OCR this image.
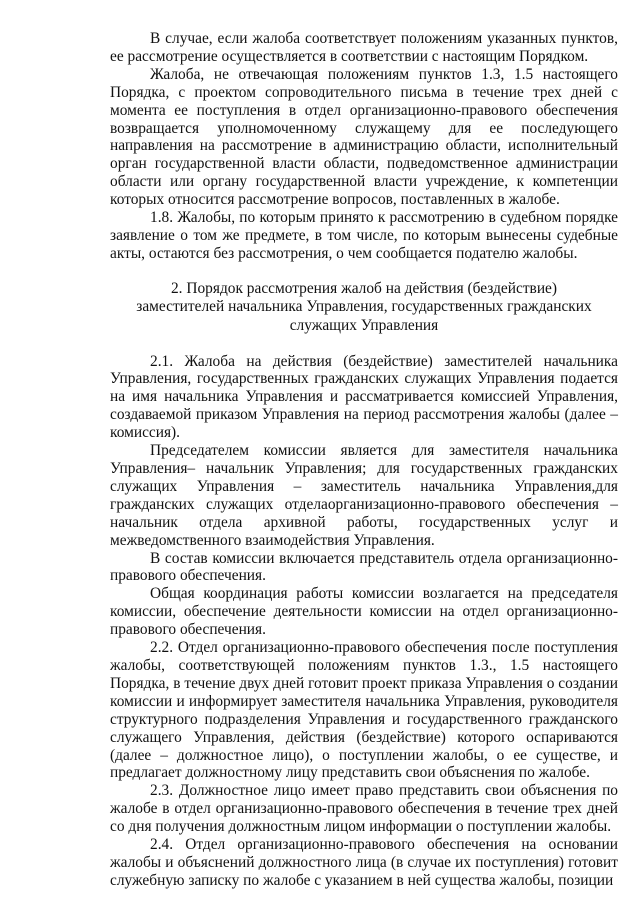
В случае, если жалоба соответствует положениям указанных пунктов, ее рассмотрение осуществляется в соответствии с настоящим Порядком.

Жалоба, не отвечающая положениям пунктов 1.3, 1.5 настоящего Порядка, с проектом сопроводительного письма в течение трех дней с момента ее поступления в отдел организационно-правового обеспечения возвращается уполномоченному служащему для ее последующего направления на рассмотрение в администрацию области, исполнительный орган государственной власти области, подведомственное администрации области или органу государственной власти учреждение, к компетенции которых относится рассмотрение вопросов, поставленных в жалобе.

1.8. Жалобы, по которым принято к рассмотрению в судебном порядке заявление о том же предмете, в том числе, по которым вынесены судебные акты, остаются без рассмотрения, о чем сообщается подателю жалобы.

2. Порядок рассмотрения жалоб на действия (бездействие)
заместителей начальника Управления, государственных гражданских
служащих Управления

2.1. Жалоба на действия (бездействие) заместителей начальника Управления, государственных гражданских служащих Управления подается на имя начальника Управления и рассматривается комиссией Управления, создаваемой приказом Управления на период рассмотрения жалобы (далее – комиссия).

Председателем комиссии является для заместителя начальника Управления– начальник Управления; для государственных гражданских служащих Управления – заместитель начальника Управления,для гражданских служащих отделаорганизационно-правового обеспечения – начальник отдела архивной работы, государственных услуг и межведомственного взаимодействия Управления.

В состав комиссии включается представитель отдела организационно-правового обеспечения.

Общая координация работы комиссии возлагается на председателя комиссии, обеспечение деятельности комиссии на отдел организационно-правового обеспечения.

2.2. Отдел организационно-правового обеспечения после поступления жалобы, соответствующей положениям пунктов 1.3., 1.5 настоящего Порядка, в течение двух дней готовит проект приказа Управления о создании комиссии и информирует заместителя начальника Управления, руководителя структурного подразделения Управления и государственного гражданского служащего Управления, действия (бездействие) которого оспариваются (далее – должностное лицо), о поступлении жалобы, о ее существе, и предлагает должностному лицу представить свои объяснения по жалобе.

2.3. Должностное лицо имеет право представить свои объяснения по жалобе в отдел организационно-правового обеспечения в течение трех дней со дня получения должностным лицом информации о поступлении жалобы.

2.4. Отдел организационно-правового обеспечения на основании жалобы и объяснений должностного лица (в случае их поступления) готовит служебную записку по жалобе с указанием в ней существа жалобы, позиции
